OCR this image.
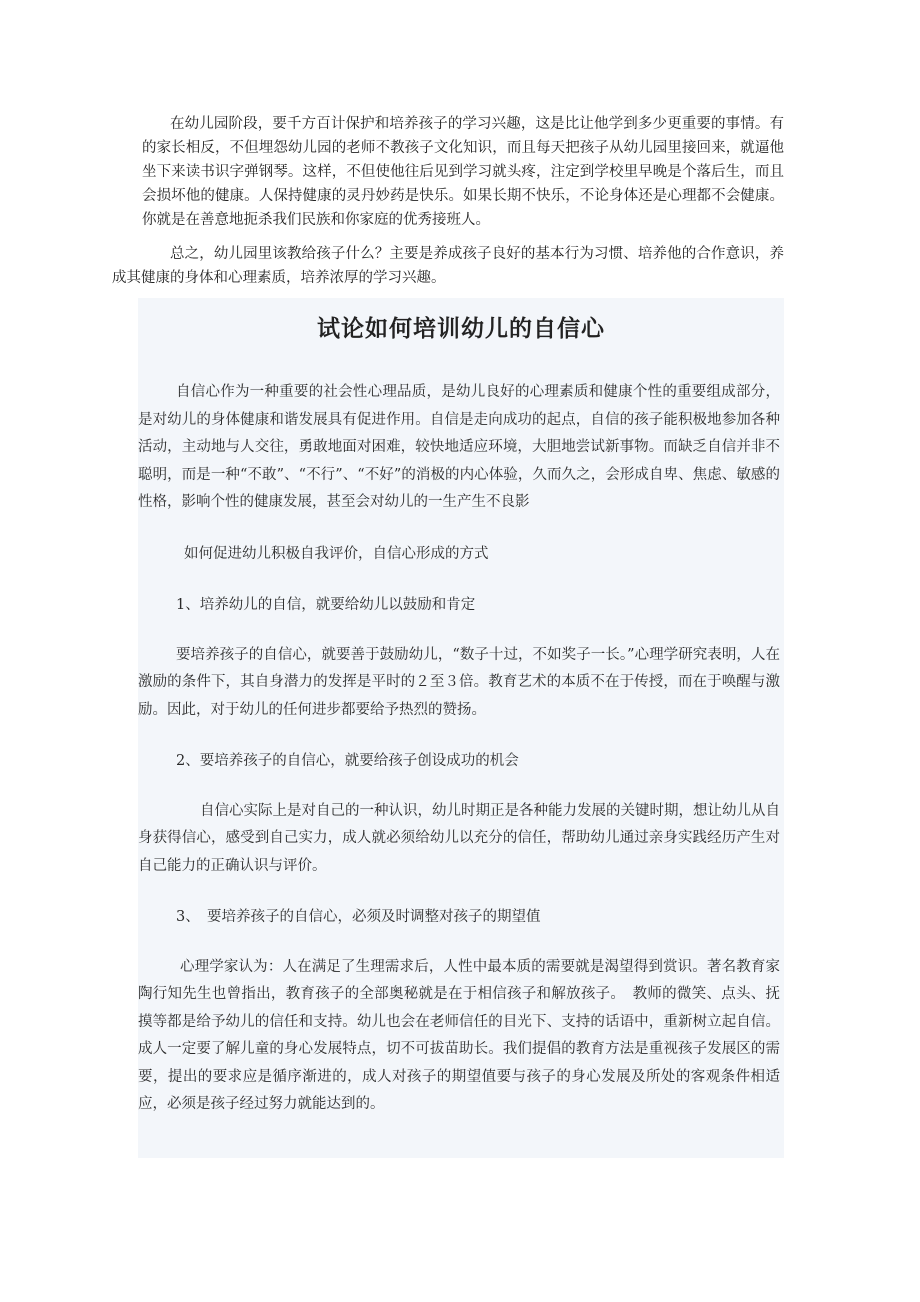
在幼儿园阶段，要千方百计保护和培养孩子的学习兴趣，这是比让他学到多少更重要的事情。有的家长相反，不但埋怨幼儿园的老师不教孩子文化知识，而且每天把孩子从幼儿园里接回来，就逼他坐下来读书识字弹钢琴。这样，不但使他往后见到学习就头疼，注定到学校里早晚是个落后生，而且会损坏他的健康。人保持健康的灵丹妙药是快乐。如果长期不快乐，不论身体还是心理都不会健康。你就是在善意地扼杀我们民族和你家庭的优秀接班人。

总之，幼儿园里该教给孩子什么？主要是养成孩子良好的基本行为习惯、培养他的合作意识，养成其健康的身体和心理素质，培养浓厚的学习兴趣。

试论如何培训幼儿的自信心

自信心作为一种重要的社会性心理品质，是幼儿良好的心理素质和健康个性的重要组成部分，是对幼儿的身体健康和谐发展具有促进作用。自信是走向成功的起点，自信的孩子能积极地参加各种活动，主动地与人交往，勇敢地面对困难，较快地适应环境，大胆地尝试新事物。而缺乏自信并非不聪明，而是一种“不敢”、“不行”、“不好”的消极的内心体验，久而久之，会形成自卑、焦虑、敏感的性格，影响个性的健康发展，甚至会对幼儿的一生产生不良影

如何促进幼儿积极自我评价，自信心形成的方式

1、培养幼儿的自信，就要给幼儿以鼓励和肯定

要培养孩子的自信心，就要善于鼓励幼儿，“数子十过，不如奖子一长。”心理学研究表明，人在激励的条件下，其自身潜力的发挥是平时的２至３倍。教育艺术的本质不在于传授，而在于唤醒与激励。因此，对于幼儿的任何进步都要给予热烈的赞扬。

2、要培养孩子的自信心，就要给孩子创设成功的机会

自信心实际上是对自己的一种认识，幼儿时期正是各种能力发展的关键时期，想让幼儿从自身获得信心，感受到自己实力，成人就必须给幼儿以充分的信任，帮助幼儿通过亲身实践经历产生对自己能力的正确认识与评价。

3、　要培养孩子的自信心，必须及时调整对孩子的期望值

心理学家认为：人在满足了生理需求后，人性中最本质的需要就是渴望得到赏识。著名教育家陶行知先生也曾指出，教育孩子的全部奥秘就是在于相信孩子和解放孩子。　教师的微笑、点头、抚摸等都是给予幼儿的信任和支持。幼儿也会在老师信任的目光下、支持的话语中，重新树立起自信。成人一定要了解儿童的身心发展特点，切不可拔苗助长。我们提倡的教育方法是重视孩子发展区的需要，提出的要求应是循序渐进的，成人对孩子的期望值要与孩子的身心发展及所处的客观条件相适应，必须是孩子经过努力就能达到的。
